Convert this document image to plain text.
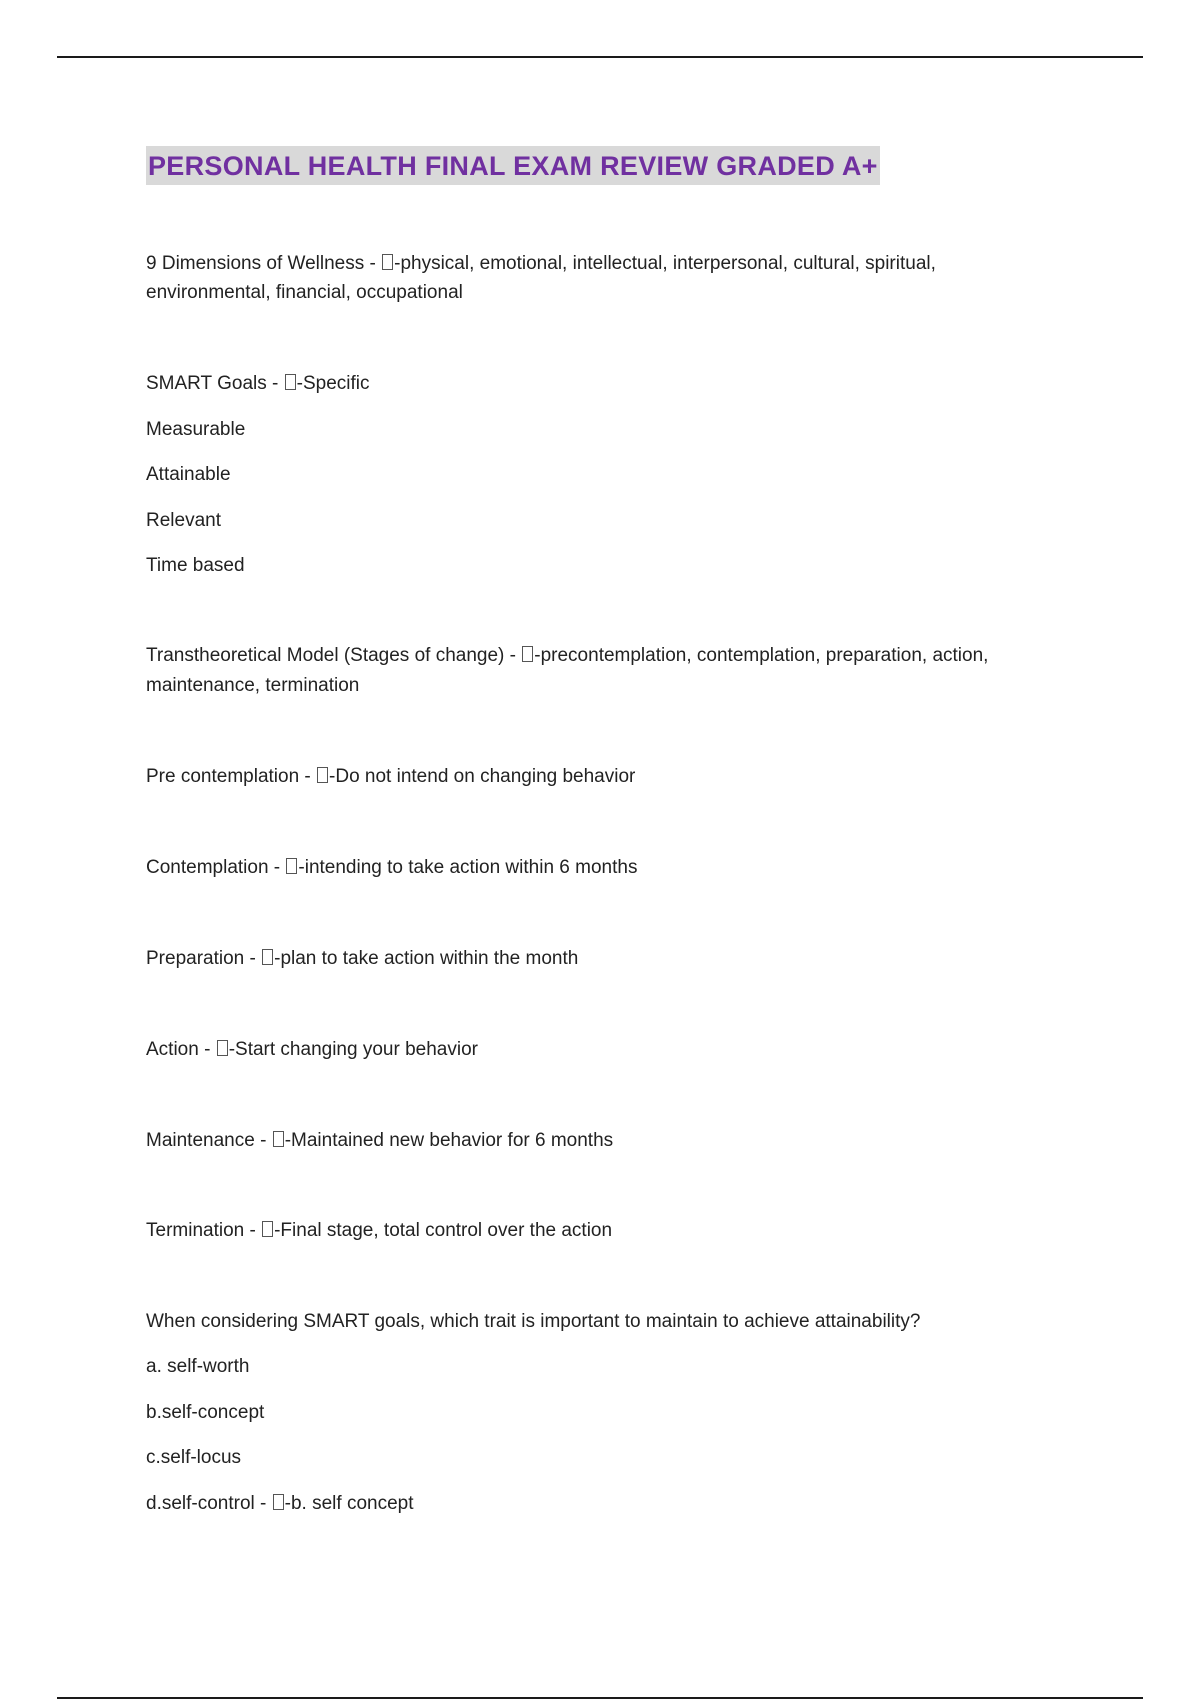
PERSONAL HEALTH FINAL EXAM REVIEW GRADED A+
9 Dimensions of Wellness - -physical, emotional, intellectual, interpersonal, cultural, spiritual,
environmental, financial, occupational
SMART Goals - -Specific
Measurable
Attainable
Relevant
Time based
Transtheoretical Model (Stages of change) - -precontemplation, contemplation, preparation, action,
maintenance, termination
Pre contemplation - -Do not intend on changing behavior
Contemplation - -intending to take action within 6 months
Preparation - -plan to take action within the month
Action - -Start changing your behavior
Maintenance - -Maintained new behavior for 6 months
Termination - -Final stage, total control over the action
When considering SMART goals, which trait is important to maintain to achieve attainability?
a. self-worth
b.self-concept
c.self-locus
d.self-control - -b. self concept
